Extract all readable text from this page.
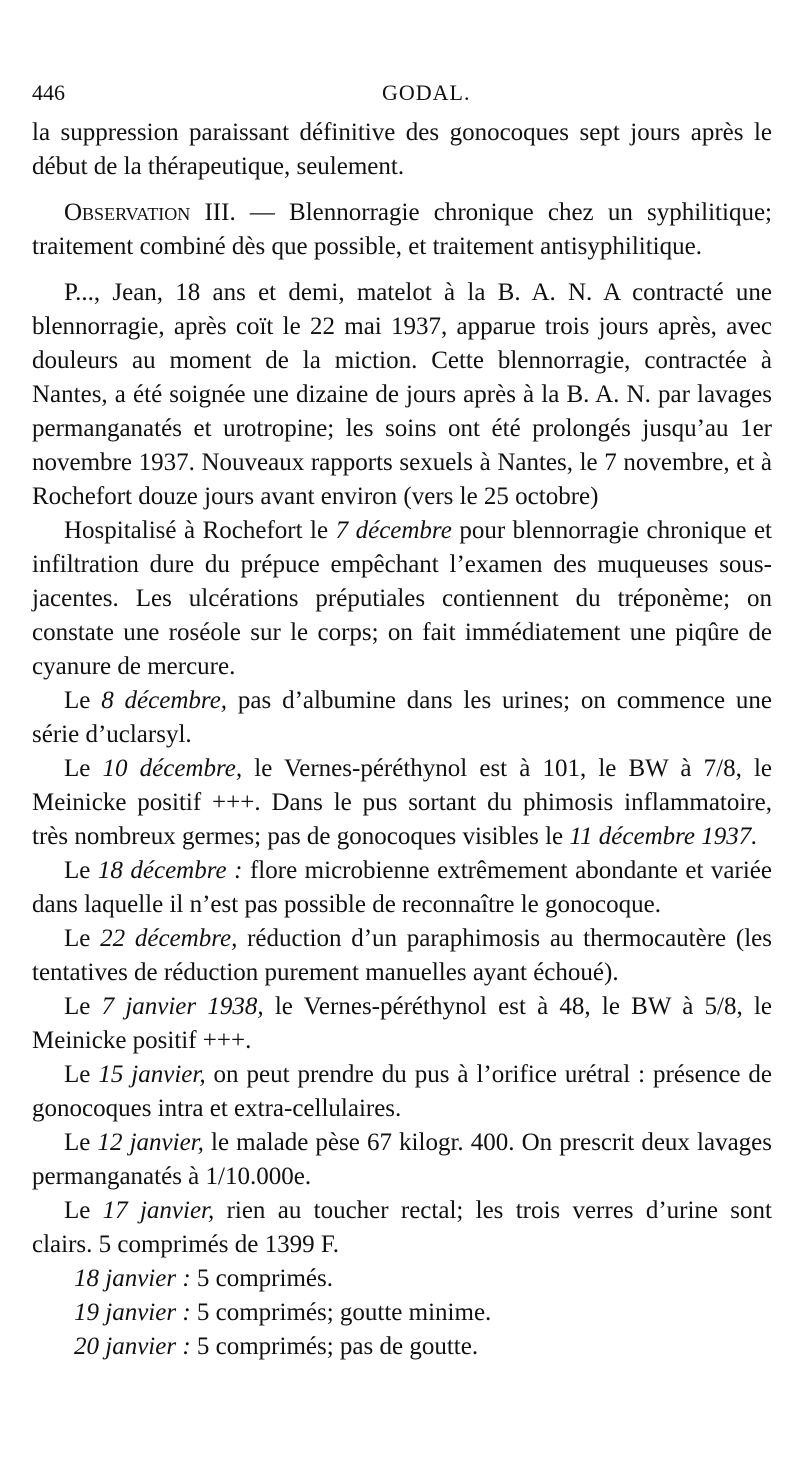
446	GODAL.

la suppression paraissant définitive des gonocoques sept jours après le début de la thérapeutique, seulement.

Observation III. — Blennorragie chronique chez un syphilitique; traitement combiné dès que possible, et traitement antisyphilitique.

P..., Jean, 18 ans et demi, matelot à la B. A. N. A contracté une blennorragie, après coït le 22 mai 1937, apparue trois jours après, avec douleurs au moment de la miction. Cette blennorragie, contractée à Nantes, a été soignée une dizaine de jours après à la B. A. N. par lavages permanganatés et urotropine; les soins ont été prolongés jusqu’au 1er novembre 1937. Nouveaux rapports sexuels à Nantes, le 7 novembre, et à Rochefort douze jours avant environ (vers le 25 octobre)

Hospitalisé à Rochefort le 7 décembre pour blennorragie chronique et infiltration dure du prépuce empêchant l’examen des muqueuses sous-jacentes. Les ulcérations préputiales contiennent du tréponème; on constate une roséole sur le corps; on fait immédiatement une piqûre de cyanure de mercure.

Le 8 décembre, pas d’albumine dans les urines; on commence une série d’uclarsyl.

Le 10 décembre, le Vernes-péréthynol est à 101, le BW à 7/8, le Meinicke positif +++. Dans le pus sortant du phimosis inflammatoire, très nombreux germes; pas de gonocoques visibles le 11 décembre 1937.

Le 18 décembre : flore microbienne extrêmement abondante et variée dans laquelle il n’est pas possible de reconnaître le gonocoque.

Le 22 décembre, réduction d’un paraphimosis au thermocautère (les tentatives de réduction purement manuelles ayant échoué).

Le 7 janvier 1938, le Vernes-péréthynol est à 48, le BW à 5/8, le Meinicke positif +++.

Le 15 janvier, on peut prendre du pus à l’orifice urétral : présence de gonocoques intra et extra-cellulaires.

Le 12 janvier, le malade pèse 67 kilogr. 400. On prescrit deux lavages permanganatés à 1/10.000e.

Le 17 janvier, rien au toucher rectal; les trois verres d’urine sont clairs. 5 comprimés de 1399 F.

18 janvier : 5 comprimés.

19 janvier : 5 comprimés; goutte minime.

20 janvier : 5 comprimés; pas de goutte.
